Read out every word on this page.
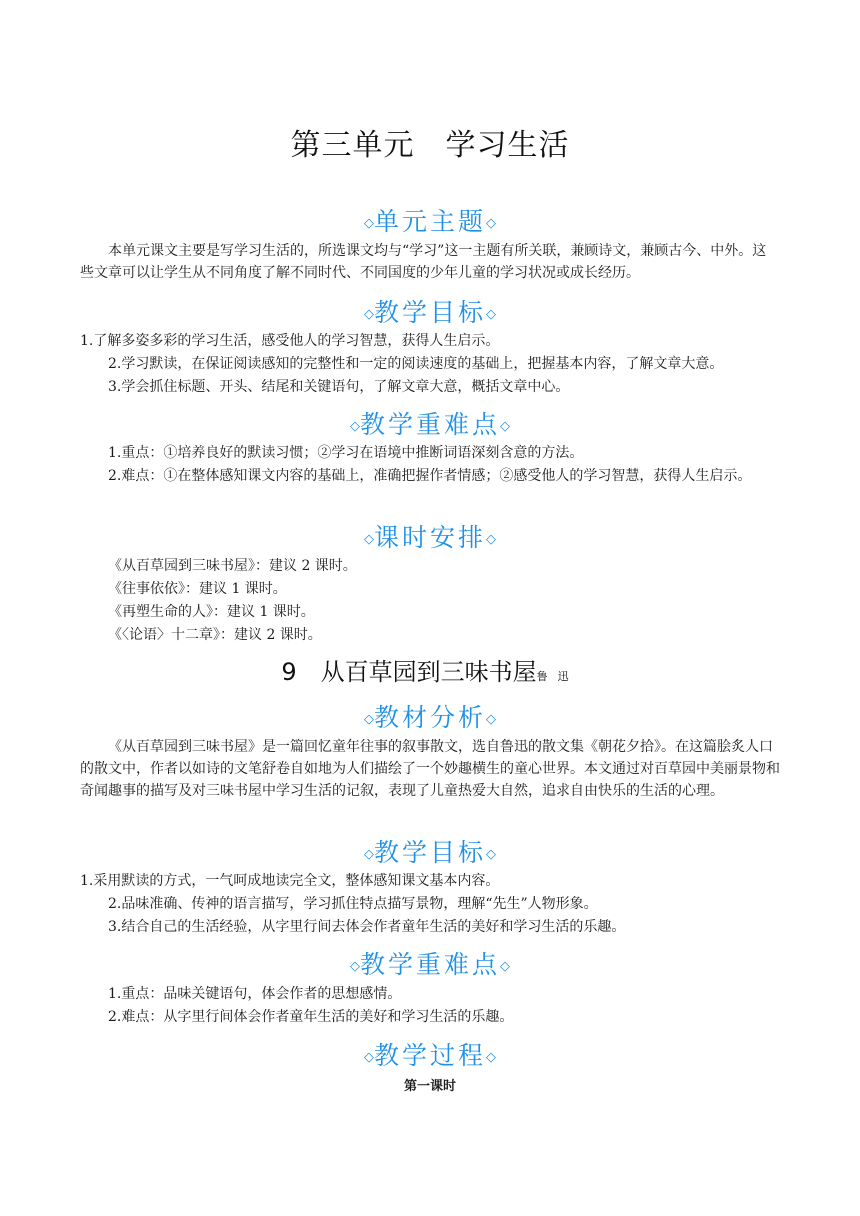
第三单元　学习生活
◇单元主题◇

本单元课文主要是写学习生活的，所选课文均与“学习”这一主题有所关联，兼顾诗文，兼顾古今、中外。这些文章可以让学生从不同角度了解不同时代、不同国度的少年儿童的学习状况或成长经历。

◇教学目标◇

1.了解多姿多彩的学习生活，感受他人的学习智慧，获得人生启示。

2.学习默读，在保证阅读感知的完整性和一定的阅读速度的基础上，把握基本内容，了解文章大意。

3.学会抓住标题、开头、结尾和关键语句，了解文章大意，概括文章中心。

◇教学重难点◇

1.重点：①培养良好的默读习惯；②学习在语境中推断词语深刻含意的方法。

2.难点：①在整体感知课文内容的基础上，准确把握作者情感；②感受他人的学习智慧，获得人生启示。

◇课时安排◇

《从百草园到三味书屋》：建议 2 课时。

《往事依依》：建议 1 课时。

《再塑生命的人》：建议 1 课时。

《〈论语〉十二章》：建议 2 课时。

9　从百草园到三味书屋鲁迅
◇教材分析◇

《从百草园到三味书屋》是一篇回忆童年往事的叙事散文，选自鲁迅的散文集《朝花夕拾》。在这篇脍炙人口的散文中，作者以如诗的文笔舒卷自如地为人们描绘了一个妙趣横生的童心世界。本文通过对百草园中美丽景物和奇闻趣事的描写及对三味书屋中学习生活的记叙，表现了儿童热爱大自然，追求自由快乐的生活的心理。

◇教学目标◇

1.采用默读的方式，一气呵成地读完全文，整体感知课文基本内容。

2.品味准确、传神的语言描写，学习抓住特点描写景物，理解“先生”人物形象。

3.结合自己的生活经验，从字里行间去体会作者童年生活的美好和学习生活的乐趣。

◇教学重难点◇

1.重点：品味关键语句，体会作者的思想感情。

2.难点：从字里行间体会作者童年生活的美好和学习生活的乐趣。

◇教学过程◇
第一课时
